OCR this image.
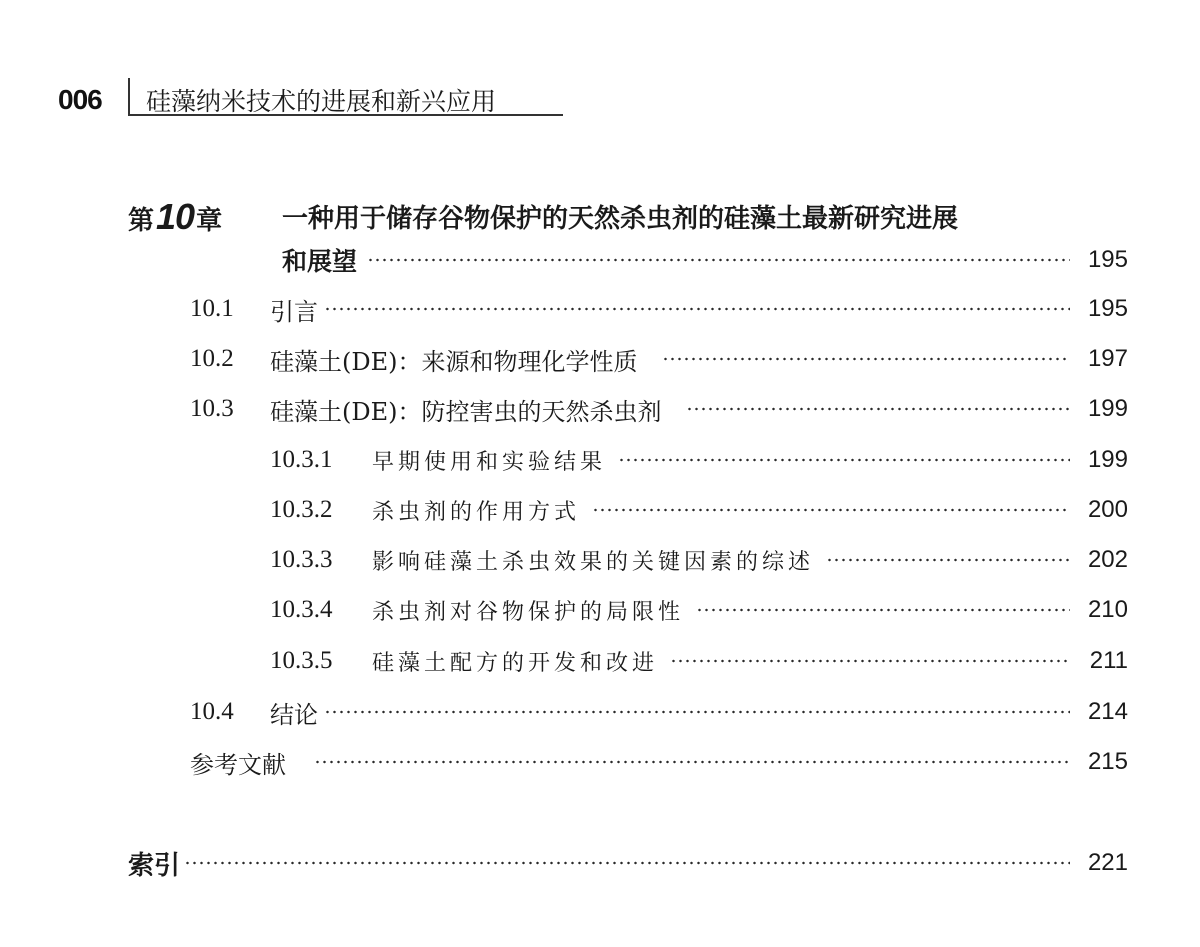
006 硅藻纳米技术的进展和新兴应用
第10章 一种用于储存谷物保护的天然杀虫剂的硅藻土最新研究进展
和展望	195
10.1	引言	195
10.2	硅藻土(DE)：来源和物理化学性质	197
10.3	硅藻土(DE)：防控害虫的天然杀虫剂	199
10.3.1	早期使用和实验结果	199
10.3.2	杀虫剂的作用方式	200
10.3.3	影响硅藻土杀虫效果的关键因素的综述	202
10.3.4	杀虫剂对谷物保护的局限性	210
10.3.5	硅藻土配方的开发和改进	211
10.4	结论	214
参考文献	215
索引	221
